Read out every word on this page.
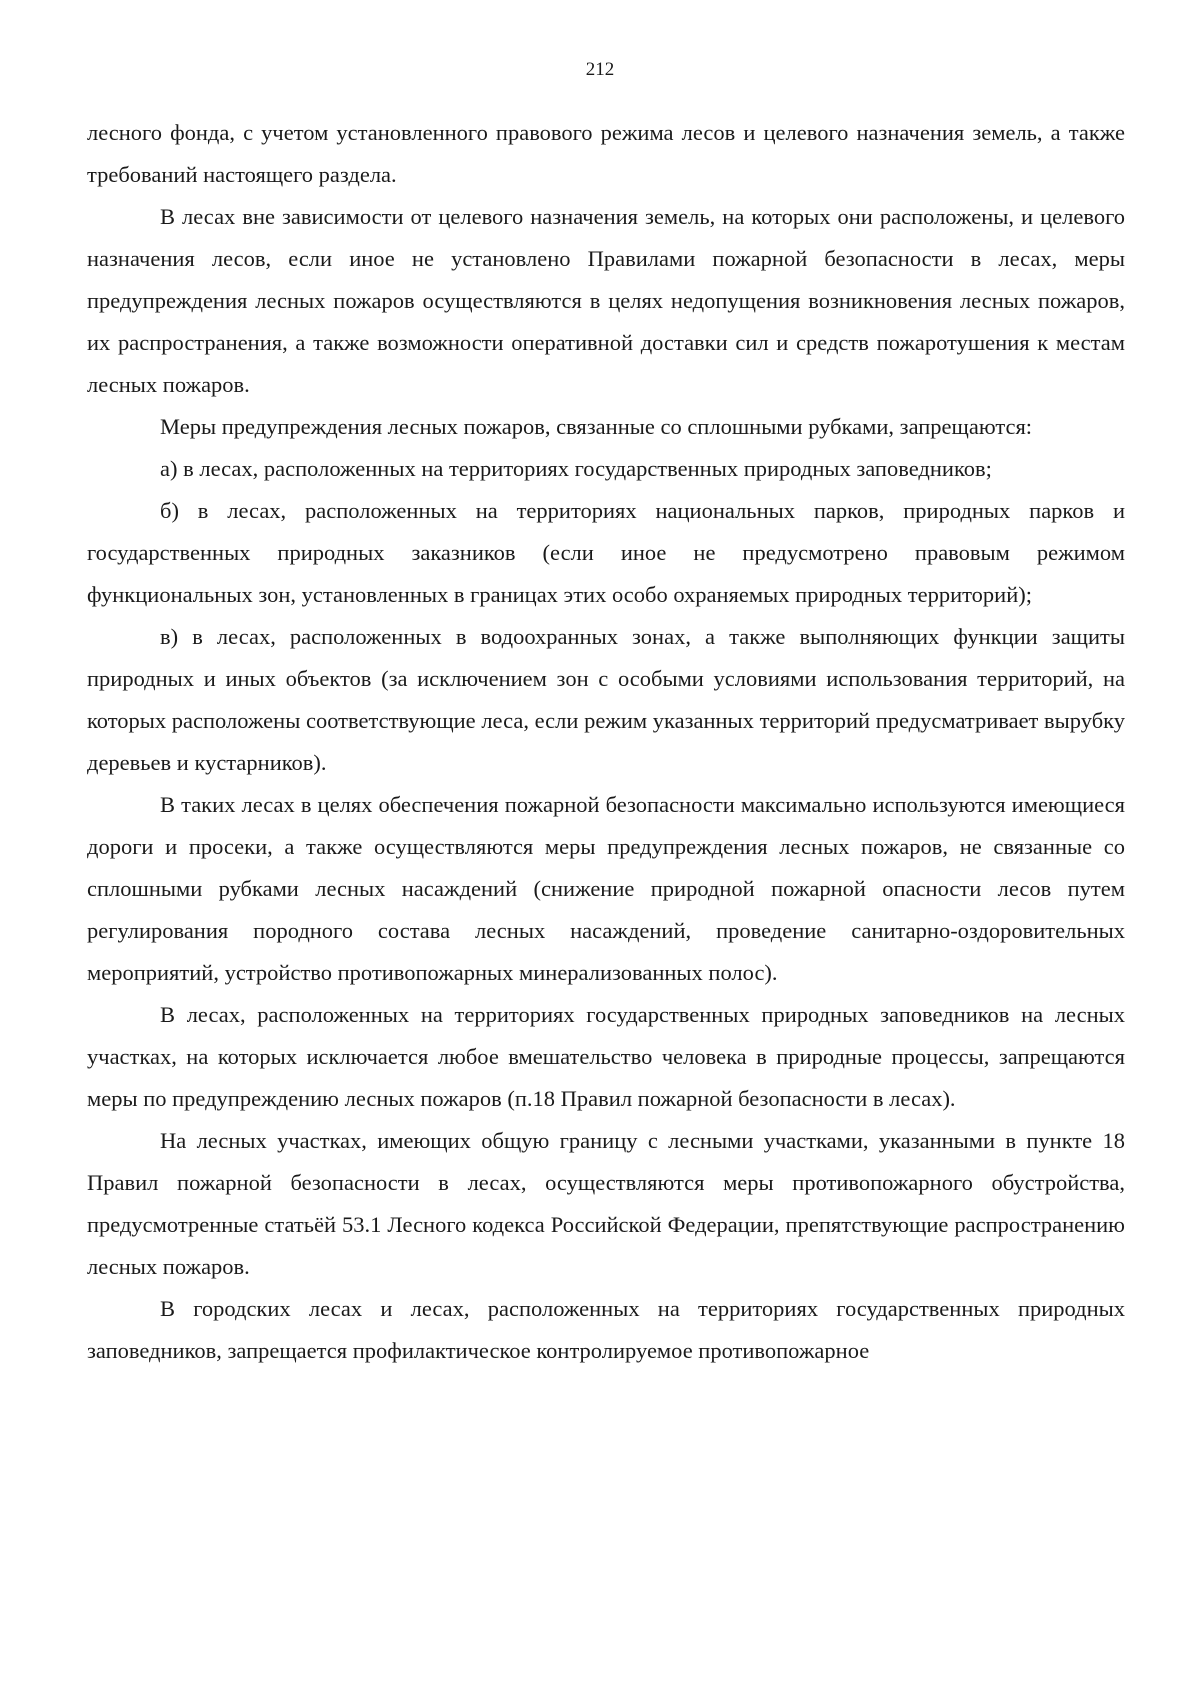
212

лесного фонда, с учетом установленного правового режима лесов и целевого назначения земель, а также требований настоящего раздела.

В лесах вне зависимости от целевого назначения земель, на которых они расположены, и целевого назначения лесов, если иное не установлено Правилами пожарной безопасности в лесах, меры предупреждения лесных пожаров осуществляются в целях недопущения возникновения лесных пожаров, их распространения, а также возможности оперативной доставки сил и средств пожаротушения к местам лесных пожаров.

Меры предупреждения лесных пожаров, связанные со сплошными рубками, запрещаются:

а) в лесах, расположенных на территориях государственных природных заповедников;

б) в лесах, расположенных на территориях национальных парков, природных парков и государственных природных заказников (если иное не предусмотрено правовым режимом функциональных зон, установленных в границах этих особо охраняемых природных территорий);

в) в лесах, расположенных в водоохранных зонах, а также выполняющих функции защиты природных и иных объектов (за исключением зон с особыми условиями использования территорий, на которых расположены соответствующие леса, если режим указанных территорий предусматривает вырубку деревьев и кустарников).

В таких лесах в целях обеспечения пожарной безопасности максимально используются имеющиеся дороги и просеки, а также осуществляются меры предупреждения лесных пожаров, не связанные со сплошными рубками лесных насаждений (снижение природной пожарной опасности лесов путем регулирования породного состава лесных насаждений, проведение санитарно-оздоровительных мероприятий, устройство противопожарных минерализованных полос).

В лесах, расположенных на территориях государственных природных заповедников на лесных участках, на которых исключается любое вмешательство человека в природные процессы, запрещаются меры по предупреждению лесных пожаров (п.18 Правил пожарной безопасности в лесах).

На лесных участках, имеющих общую границу с лесными участками, указанными в пункте 18 Правил пожарной безопасности в лесах, осуществляются меры противопожарного обустройства, предусмотренные статьёй 53.1 Лесного кодекса Российской Федерации, препятствующие распространению лесных пожаров.

В городских лесах и лесах, расположенных на территориях государственных природных заповедников, запрещается профилактическое контролируемое противопожарное
